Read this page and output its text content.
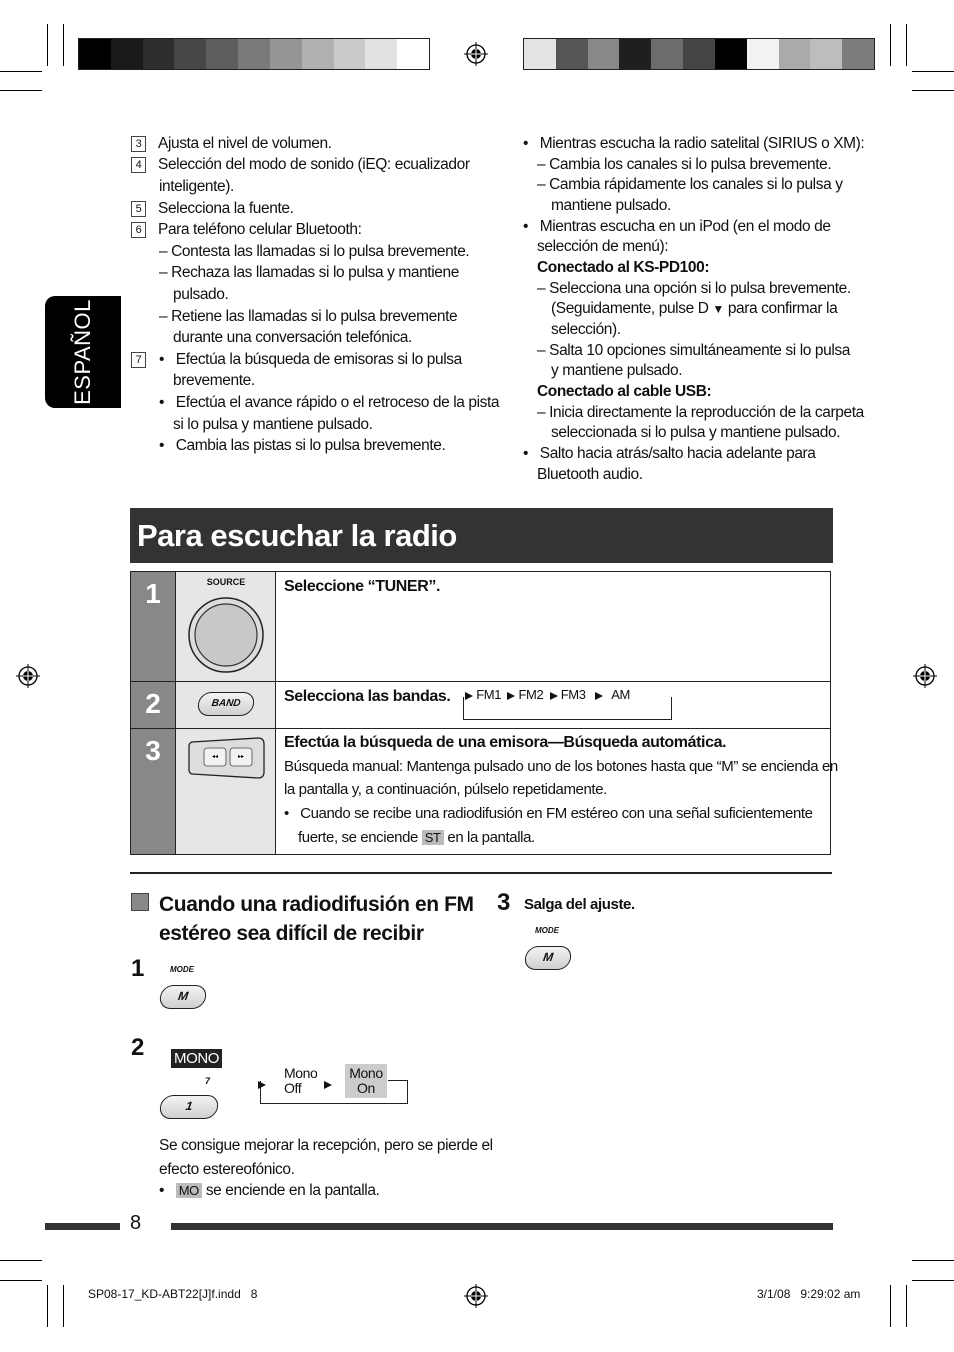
ESPAÑOL
3 Ajusta el nivel de volumen.
4 Selección del modo de sonido (iEQ: ecualizador
inteligente).
5 Selecciona la fuente.
6 Para teléfono celular Bluetooth:
– Contesta las llamadas si lo pulsa brevemente.
– Rechaza las llamadas si lo pulsa y mantiene
pulsado.
– Retiene las llamadas si lo pulsa brevemente
durante una conversación telefónica.
7	•   Efectúa la búsqueda de emisoras si lo pulsa
brevemente.
•   Efectúa el avance rápido o el retroceso de la pista
si lo pulsa y mantiene pulsado.
•   Cambia las pistas si lo pulsa brevemente.
•   Mientras escucha la radio satelital (SIRIUS o XM):
– Cambia los canales si lo pulsa brevemente.
– Cambia rápidamente los canales si lo pulsa y
mantiene pulsado.
•   Mientras escucha en un iPod (en el modo de
selección de menú):
Conectado al KS-PD100:
– Selecciona una opción si lo pulsa brevemente.
(Seguidamente, pulse D ▼ para confirmar la
selección).
– Salta 10 opciones simultáneamente si lo pulsa
y mantiene pulsado.
Conectado al cable USB:
– Inicia directamente la reproducción de la carpeta
seleccionada si lo pulsa y mantiene pulsado.
•   Salto hacia atrás/salto hacia adelante para
Bluetooth audio.
Para escuchar la radio
1	SOURCE	Seleccione “TUNER”.
2	BAND	Selecciona las bandas.	FM1 FM2 FM3 AM
3	◂◂	▸▸
Efectúa la búsqueda de una emisora—Búsqueda automática.
Búsqueda manual: Mantenga pulsado uno de los botones hasta que “M” se encienda en
la pantalla y, a continuación, púlselo repetidamente.
•   Cuando se recibe una radiodifusión en FM estéreo con una señal suficientemente
fuerte, se enciende ST en la pantalla.
Cuando una radiodifusión en FM
estéreo sea difícil de recibir
1	MODE
M
2 MONO
7
1
Mono
Off
Mono
On
Se consigue mejorar la recepción, pero se pierde el
efecto estereofónico.
•   MO se enciende en la pantalla.
3 Salga del ajuste.
MODE
M
8
SP08-17_KD-ABT22[J]f.indd   8	3/1/08   9:29:02 am
